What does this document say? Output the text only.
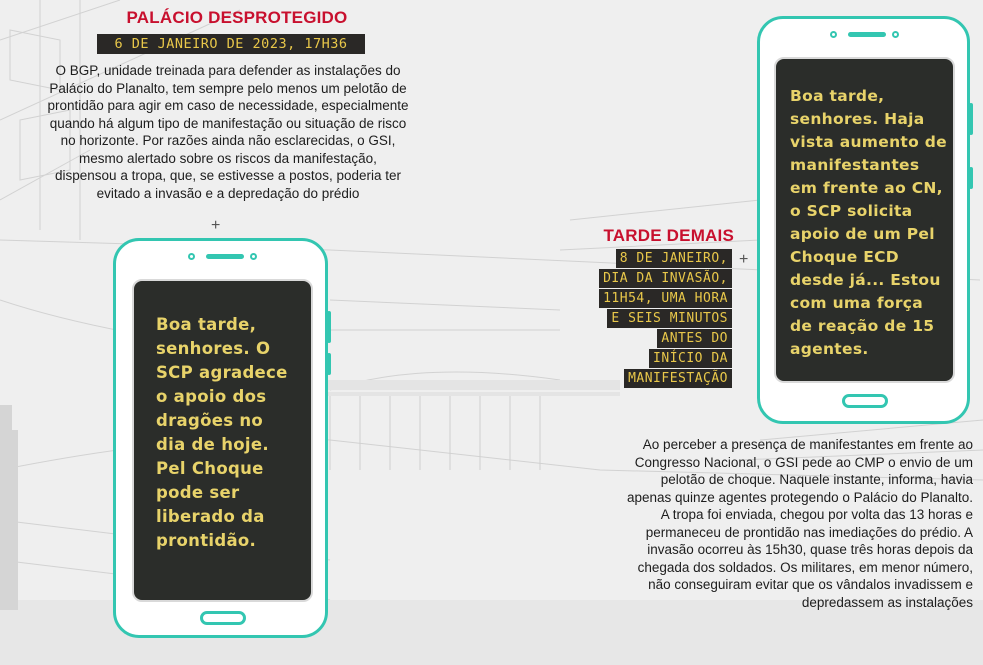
PALÁCIO DESPROTEGIDO
6 DE JANEIRO DE 2023, 17H36
O BGP, unidade treinada para defender as instalações do
Palácio do Planalto, tem sempre pelo menos um pelotão de
prontidão para agir em caso de necessidade, especialmente
quando há algum tipo de manifestação ou situação de risco
no horizonte. Por razões ainda não esclarecidas, o GSI,
mesmo alertado sobre os riscos da manifestação,
dispensou a tropa, que, se estivesse a postos, poderia ter
evitado a invasão e a depredação do prédio
+
Boa tarde,
senhores. O
SCP agradece
o apoio dos
dragões no
dia de hoje.
Pel Choque
pode ser
liberado da
prontidão.
TARDE DEMAIS
8 DE JANEIRO,
DIA DA INVASÃO,
11H54, UMA HORA
E SEIS MINUTOS
ANTES DO
INÍCIO DA
MANIFESTAÇÃO
+
Boa tarde,
senhores. Haja
vista aumento de
manifestantes
em frente ao CN,
o SCP solicita
apoio de um Pel
Choque ECD
desde já... Estou
com uma força
de reação de 15
agentes.
Ao perceber a presença de manifestantes em frente ao
Congresso Nacional, o GSI pede ao CMP o envio de um
pelotão de choque. Naquele instante, informa, havia
apenas quinze agentes protegendo o Palácio do Planalto.
A tropa foi enviada, chegou por volta das 13 horas e
permaneceu de prontidão nas imediações do prédio. A
invasão ocorreu às 15h30, quase três horas depois da
chegada dos soldados. Os militares, em menor número,
não conseguiram evitar que os vândalos invadissem e
depredassem as instalações
